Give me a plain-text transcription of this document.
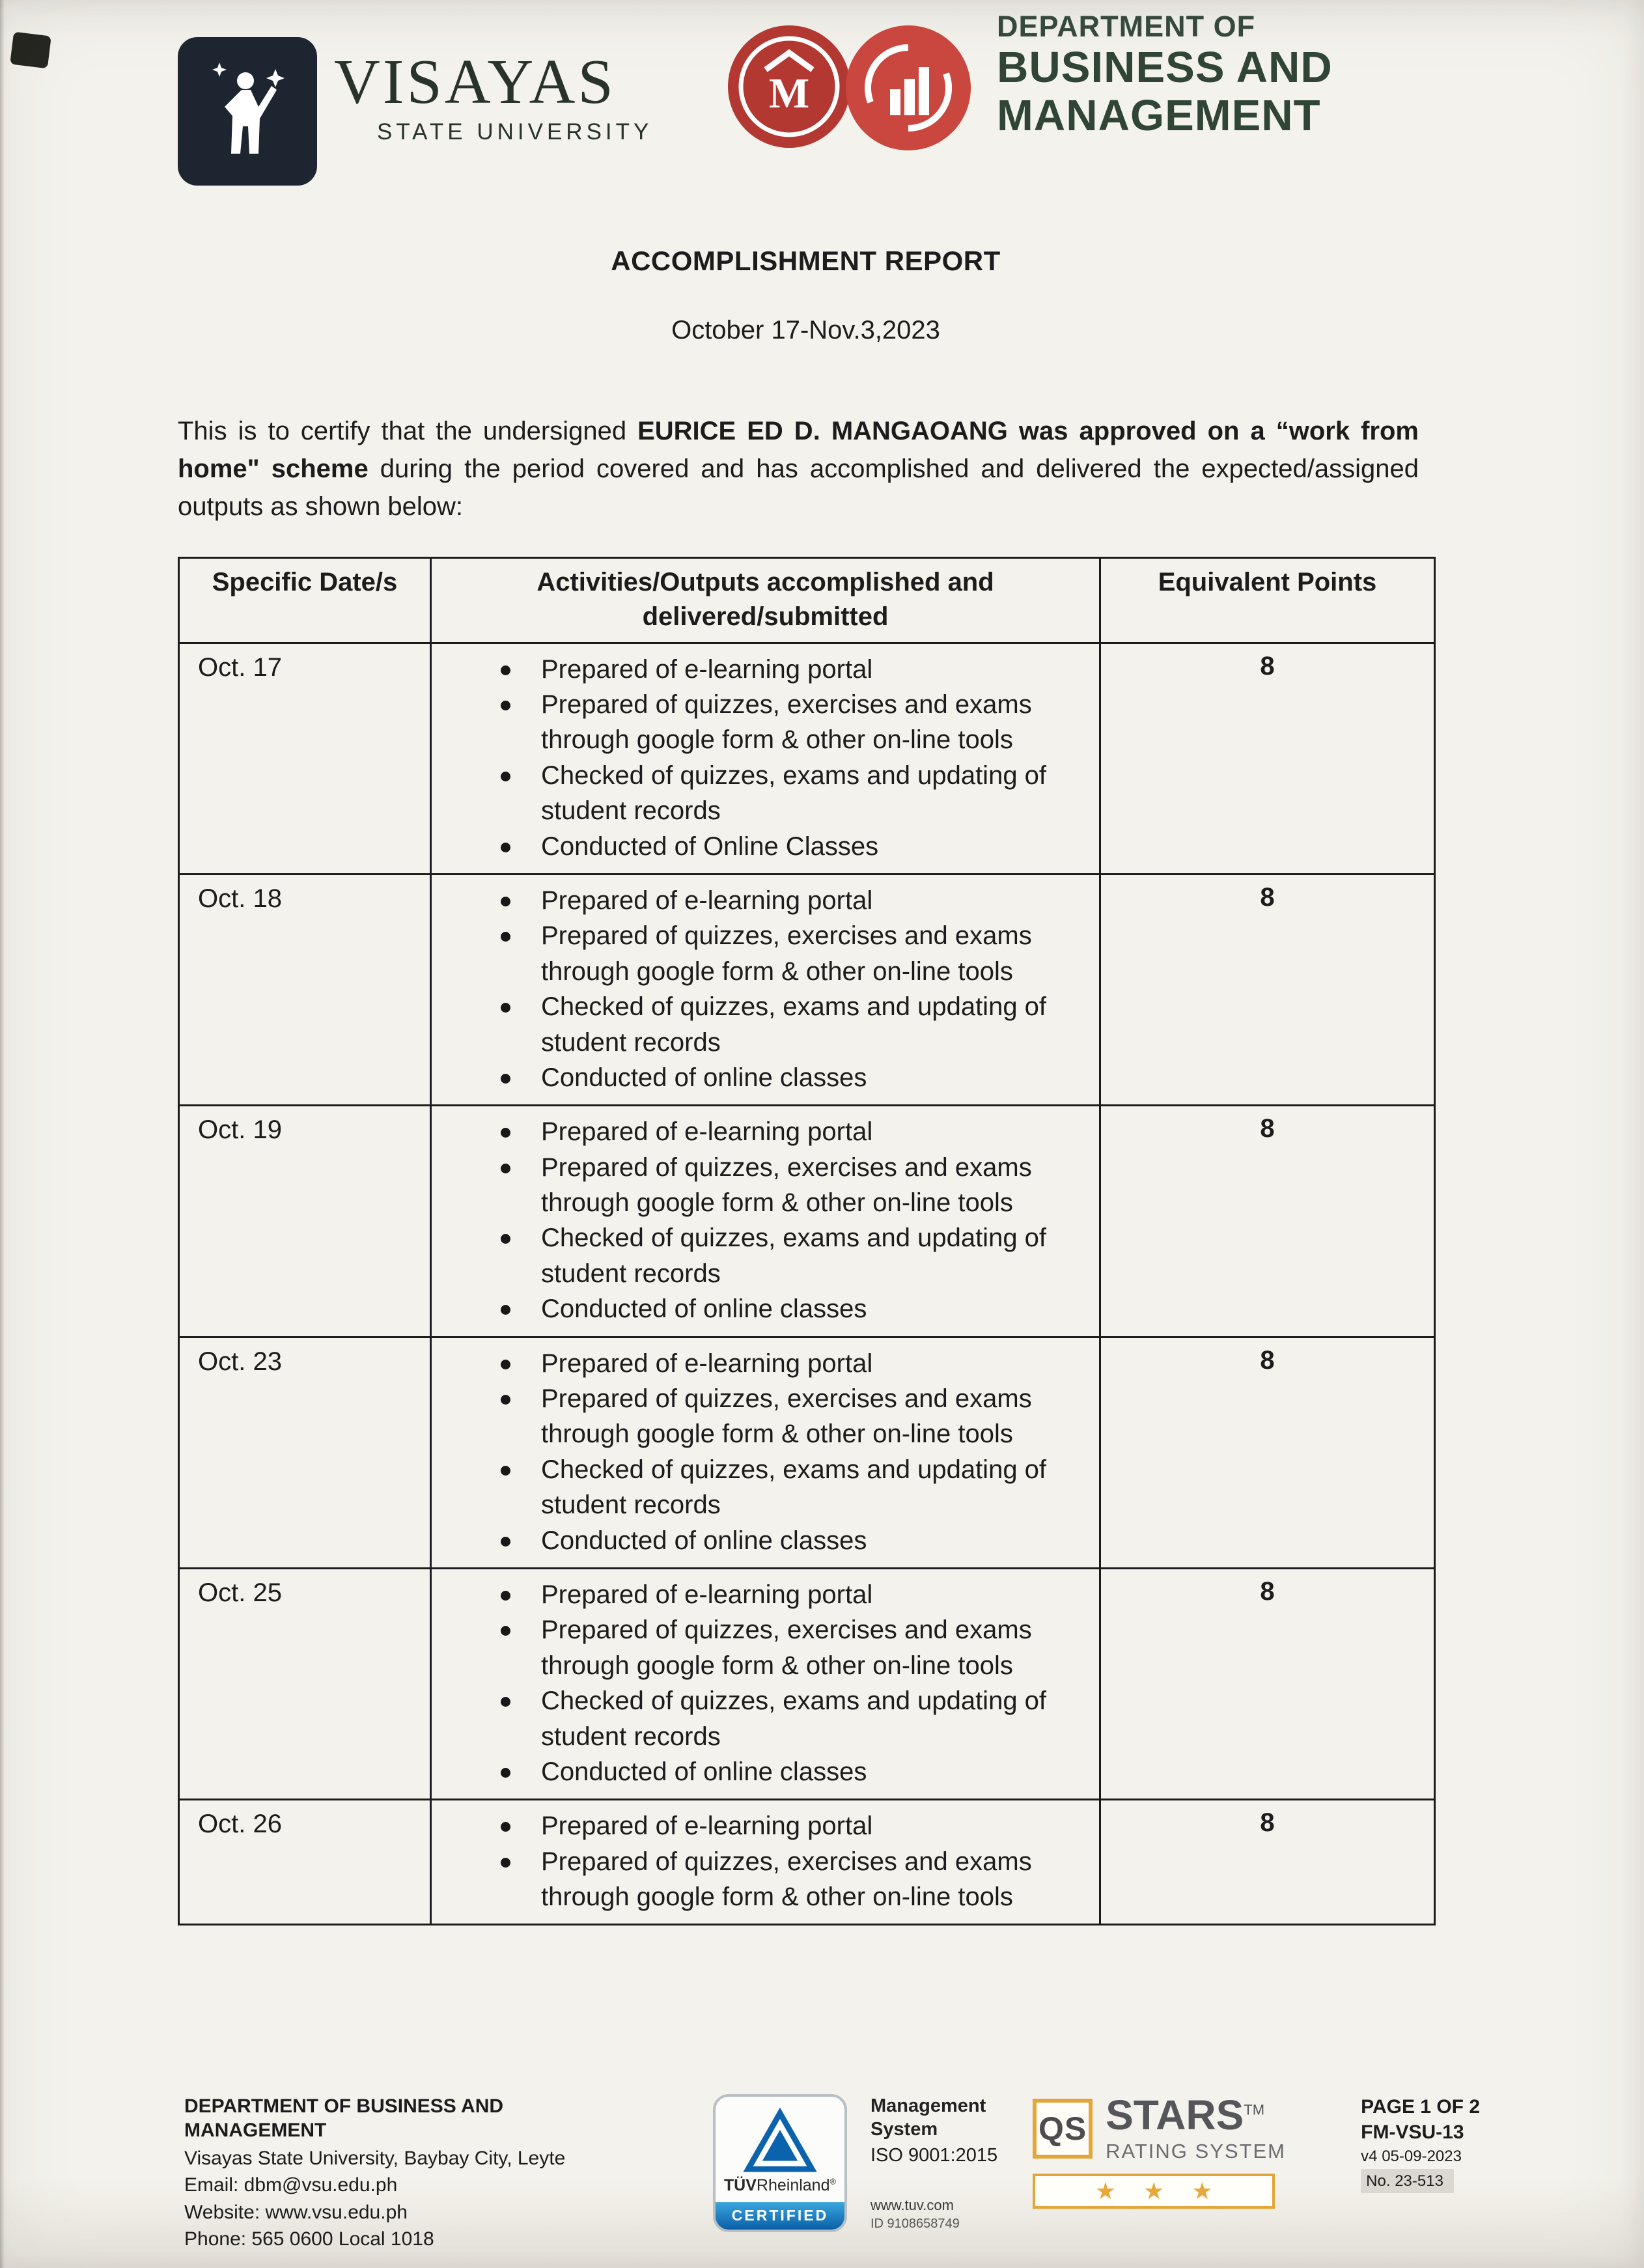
VISAYAS
STATE UNIVERSITY
M
DEPARTMENT OF
BUSINESS AND
MANAGEMENT
ACCOMPLISHMENT REPORT
October 17-Nov.3,2023

This is to certify that the undersigned EURICE ED D. MANGAOANG was approved on a “work from home" scheme during the period covered and has accomplished and delivered the expected/assigned outputs as shown below:

Specific Date/s	Activities/Outputs accomplished and delivered/submitted	Equivalent Points
Oct. 17	Prepared of e-learning portal
Prepared of quizzes, exercises and exams through google form & other on-line tools
Checked of quizzes, exams and updating of student records
Conducted of Online Classes
	8
Oct. 18	Prepared of e-learning portal
Prepared of quizzes, exercises and exams through google form & other on-line tools
Checked of quizzes, exams and updating of student records
Conducted of online classes
	8
Oct. 19	Prepared of e-learning portal
Prepared of quizzes, exercises and exams through google form & other on-line tools
Checked of quizzes, exams and updating of student records
Conducted of online classes
	8
Oct. 23	Prepared of e-learning portal
Prepared of quizzes, exercises and exams through google form & other on-line tools
Checked of quizzes, exams and updating of student records
Conducted of online classes
	8
Oct. 25	Prepared of e-learning portal
Prepared of quizzes, exercises and exams through google form & other on-line tools
Checked of quizzes, exams and updating of student records
Conducted of online classes
	8
Oct. 26	Prepared of e-learning portal
Prepared of quizzes, exercises and exams through google form & other on-line tools
	8
DEPARTMENT OF BUSINESS AND MANAGEMENT
Visayas State University, Baybay City, Leyte
Email: dbm@vsu.edu.ph
Website: www.vsu.edu.ph
Phone: 565 0600 Local 1018
TÜVRheinland®
CERTIFIED
Management
System
ISO 9001:2015
www.tuv.com
ID 9108658749
QS STARS™
RATING SYSTEM
★ ★ ★
PAGE 1 OF 2
FM-VSU-13
v4 05-09-2023
No. 23-513
